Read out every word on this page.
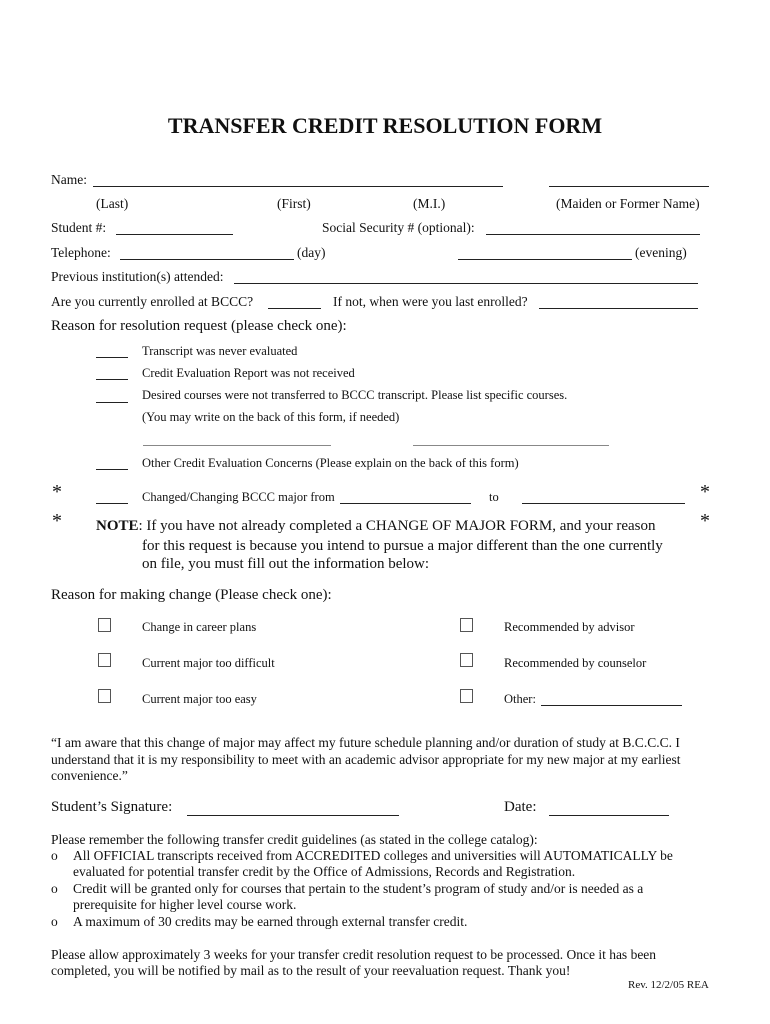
TRANSFER CREDIT RESOLUTION FORM
Name:
(Last)	(First)	(M.I.)	(Maiden or Former Name)
Student #:	Social Security # (optional):
Telephone:	(day)	(evening)
Previous institution(s) attended:
Are you currently enrolled at BCCC?	If not, when were you last enrolled?
Reason for resolution request (please check one):
Transcript was never evaluated
Credit Evaluation Report was not received
Desired courses were not transferred to BCCC transcript. Please list specific courses.
(You may write on the back of this form, if needed)
Other Credit Evaluation Concerns (Please explain on the back of this form)
*	Changed/Changing BCCC major from	to	*
*	*
NOTE: If you have not already completed a CHANGE OF MAJOR FORM, and your reason
for this request is because you intend to pursue a major different than the one currently
on file, you must fill out the information below:
Reason for making change (Please check one):
Change in career plans	Recommended by advisor
Current major too difficult	Recommended by counselor
Current major too easy	Other:
“I am aware that this change of major may affect my future schedule planning and/or duration of study at B.C.C.C. I understand that it is my responsibility to meet with an academic advisor appropriate for my new major at my earliest convenience.”
Student’s Signature:	Date:
Please remember the following transfer credit guidelines (as stated in the college catalog):
o All OFFICIAL transcripts received from ACCREDITED colleges and universities will AUTOMATICALLY be
evaluated for potential transfer credit by the Office of Admissions, Records and Registration.
o Credit will be granted only for courses that pertain to the student’s program of study and/or is needed as a
prerequisite for higher level course work.
o A maximum of 30 credits may be earned through external transfer credit.
Please allow approximately 3 weeks for your transfer credit resolution request to be processed. Once it has been
completed, you will be notified by mail as to the result of your reevaluation request. Thank you!
Rev. 12/2/05 REA
